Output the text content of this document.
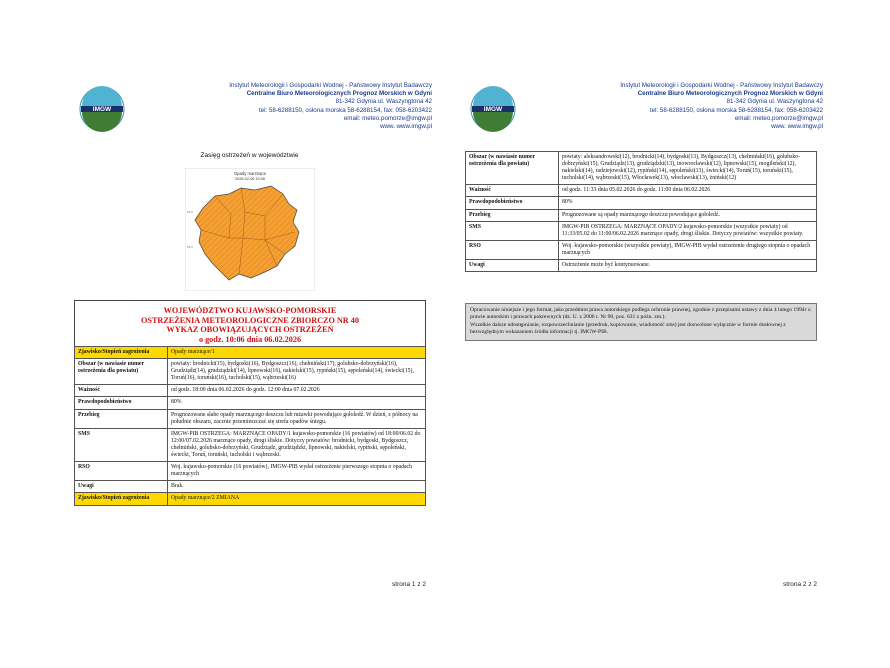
IMGW
Instytut Meteorologii i Gospodarki Wodnej - Państwowy Instytut Badawczy
Centralne Biuro Meteorologicznych Prognoz Morskich w Gdyni
81-342 Gdynia ul. Waszyngtona 42
tel: 58-6288150, osłona morska 58-6288154, fax: 058-6203422
email: meteo.pomorze@imgw.pl
www. www.imgw.pl
Zasięg ostrzeżeń w województwie
Opady marznące
2026-02-06 10:06
53.6
53.0
WOJEWÓDZTWO KUJAWSKO-POMORSKIE
OSTRZEŻENIA METEOROLOGICZNE ZBIORCZO NR 40
WYKAZ OBOWIĄZUJĄCYCH OSTRZEŻEŃ
o godz. 10:06 dnia 06.02.2026
Zjawisko/Stopień zagrożenia	Opady marznące/1
Obszar (w nawiasie numer ostrzeżenia dla powiatu)	powiaty: brodnicki(15), bydgoski(16), Bydgoszcz(16), chełmiński(17), golubsko-dobrzyński(16), Grudziądz(14), grudziądzki(14), lipnowski(16), nakielski(15), rypiński(15), sępoleński(14), świecki(15), Toruń(16), toruński(16), tucholski(15), wąbrzeski(16)
Ważność	od godz. 18:00 dnia 06.02.2026 do godz. 12:00 dnia 07.02.2026
Prawdopodobieństwo	80%
Przebieg	Prognozowane słabe opady marznącego deszczu lub mżawki powodujące gołoledź. W dzień, z północy na południe obszaru, zacznie przemieszczać się strefa opadów śniegu.
SMS	IMGW-PIB OSTRZEGA: MARZNĄCE OPADY/1 kujawsko-pomorskie (16 powiatów) od 18:00/06.02 do 12:00/07.02.2026 marznące opady, drogi śliskie. Dotyczy powiatów: brodnicki, bydgoski, Bydgoszcz, chełmiński, golubsko-dobrzyński, Grudziądz, grudziądzki, lipnowski, nakielski, rypiński, sępoleński, świecki, Toruń, toruński, tucholski i wąbrzeski.
RSO	Woj. kujawsko-pomorskie (16 powiatów), IMGW-PIB wydał ostrzeżenie pierwszego stopnia o opadach marznących
Uwagi	Brak.
Zjawisko/Stopień zagrożenia	Opady marznące/2 ZMIANA
strona 1 z 2
IMGW
Instytut Meteorologii i Gospodarki Wodnej - Państwowy Instytut Badawczy
Centralne Biuro Meteorologicznych Prognoz Morskich w Gdyni
81-342 Gdynia ul. Waszyngtona 42
tel: 58-6288150, osłona morska 58-6288154, fax: 058-6203422
email: meteo.pomorze@imgw.pl
www. www.imgw.pl
Obszar (w nawiasie numer ostrzeżenia dla powiatu)	powiaty: aleksandrowski(12), brodnicki(14), bydgoski(13), Bydgoszcz(13), chełmiński(16), golubsko-dobrzyński(15), Grudziądz(13), grudziądzki(13), inowrocławski(12), lipnowski(15), mogileński(12), nakielski(14), radziejowski(12), rypiński(14), sępoleński(13), świecki(14), Toruń(15), toruński(15), tucholski(14), wąbrzeski(15), Włocławek(13), włocławski(13), żniński(12)
Ważność	od godz. 11:33 dnia 05.02.2026 do godz. 11:00 dnia 06.02.2026
Prawdopodobieństwo	80%
Przebieg	Prognozowane są opady marznącego deszczu powodujące gołoledź.
SMS	IMGW-PIB OSTRZEGA: MARZNĄCE OPADY/2 kujawsko-pomorskie (wszystkie powiaty) od 11:33/05.02 do 11:00/06.02.2026 marznące opady, drogi śliskie. Dotyczy powiatów: wszystkie powiaty.
RSO	Woj. kujawsko-pomorskie (wszystkie powiaty), IMGW-PIB wydał ostrzeżenie drugiego stopnia o opadach marznących
Uwagi	Ostrzeżenie może być kontynuowane.

Opracowanie niniejsze i jego format, jako przedmiot prawa autorskiego podlega ochronie prawnej, zgodnie z przepisami ustawy z dnia 4 lutego 1994r o prawie autorskim i prawach pokrewnych (dz. U. z 2006 r. Nr 90, poz. 631 z późn. zm.).

Wszelkie dalsze udostępnianie, rozpowszechnianie (przedruk, kopiowanie, wiadomość sms) jest dozwolone wyłącznie w formie dosłownej z bezwzględnym wskazaniem źródła informacji tj. IMGW-PIB.

strona 2 z 2
